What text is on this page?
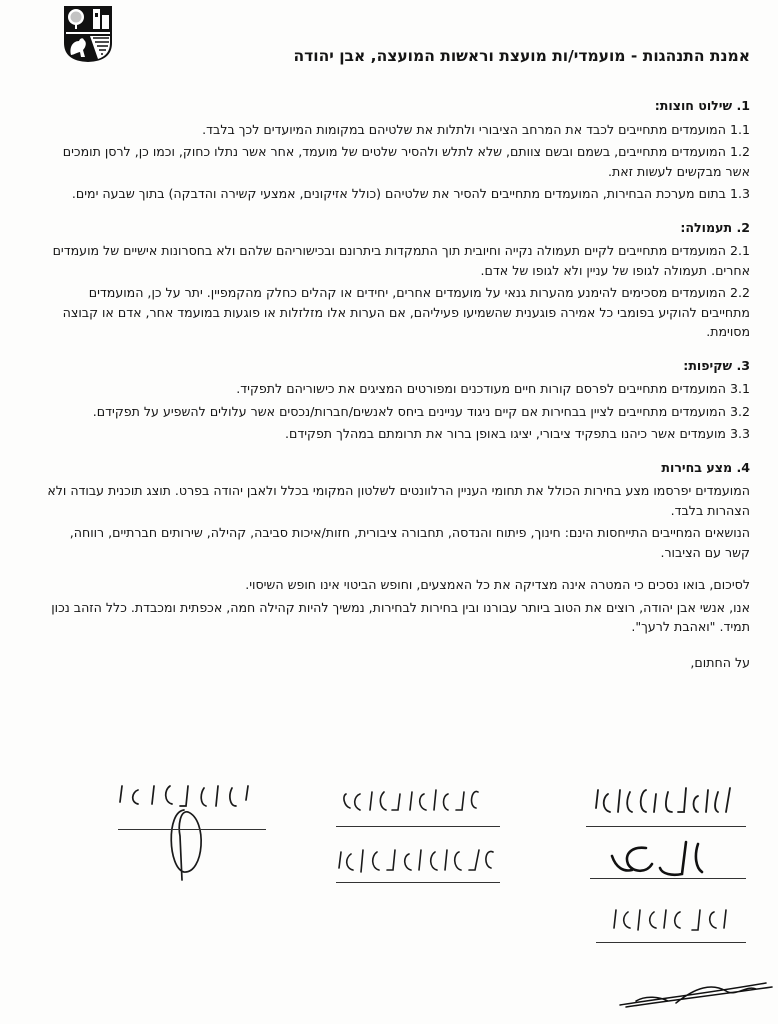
אמנת התנהגות - מועמדי/ות מועצת וראשות המועצה, אבן יהודה
1. שילוט חוצות:

1.1 המועמדים מתחייבים לכבד את המרחב הציבורי ולתלות את שלטיהם במקומות המיועדים לכך בלבד.

1.2 המועמדים מתחייבים, בשמם ובשם צוותם, שלא לתלש ולהסיר שלטים של מועמד, אחר אשר נתלו כחוק, וכמו כן, לרסן תומכים אשר מבקשים לעשות זאת.

1.3 בתום מערכת הבחירות, המועמדים מתחייבים להסיר את שלטיהם (כולל אזיקונים, אמצעי קשירה והדבקה) בתוך שבעה ימים.

2. תעמולה:

2.1 המועמדים מתחייבים לקיים תעמולה נקייה וחיובית תוך התמקדות ביתרונם ובכישוריהם שלהם ולא בחסרונות אישיים של מועמדים אחרים. תעמולה לגופו של עניין ולא לגופו של אדם.

2.2 המועמדים מסכימים להימנע מהערות גנאי על מועמדים אחרים, יחידים או קהלים כחלק מהקמפיין. יתר על כן, המועמדים מתחייבים להוקיע בפומבי כל אמירה פוגענית שהשמיעו פעיליהם, אם הערות אלו מזלזלות או פוגעות במועמד אחר, אדם או קבוצה מסוימת.

3. שקיפות:

3.1 המועמדים מתחייבים לפרסם קורות חיים מעודכנים ומפורטים המציגים את כישוריהם לתפקיד.

3.2 המועמדים מתחייבים לציין בבחירות אם קיים ניגוד עניינים ביחס לאנשים/חברות/נכסים אשר עלולים להשפיע על תפקידם.

3.3 מועמדים אשר כיהנו בתפקיד ציבורי, יציגו באופן ברור את תרומתם במהלך תפקידם.

4. מצע בחירות

המועמדים יפרסמו מצע בחירות הכולל את תחומי העניין הרלוונטים לשלטון המקומי בכלל ולאבן יהודה בפרט. תוצג תוכנית עבודה ולא הצהרות בלבד.

הנושאים המחייבים התייחסות הינם: חינוך, פיתוח והנדסה, תחבורה ציבורית, חזות/איכות סביבה, קהילה, שירותים חברתיים, רווחה, קשר עם הציבור.

לסיכום, בואו נסכים כי המטרה אינה מצדיקה את כל האמצעים, וחופש הביטוי אינו חופש השיסוי.

אנו, אנשי אבן יהודה, רוצים את הטוב ביותר עבורנו ובין בחירות לבחירות, נמשיך להיות קהילה חמה, אכפתית ומכבדת. כלל הזהב נכון תמיד. "ואהבת לרעך".

על החתום,
